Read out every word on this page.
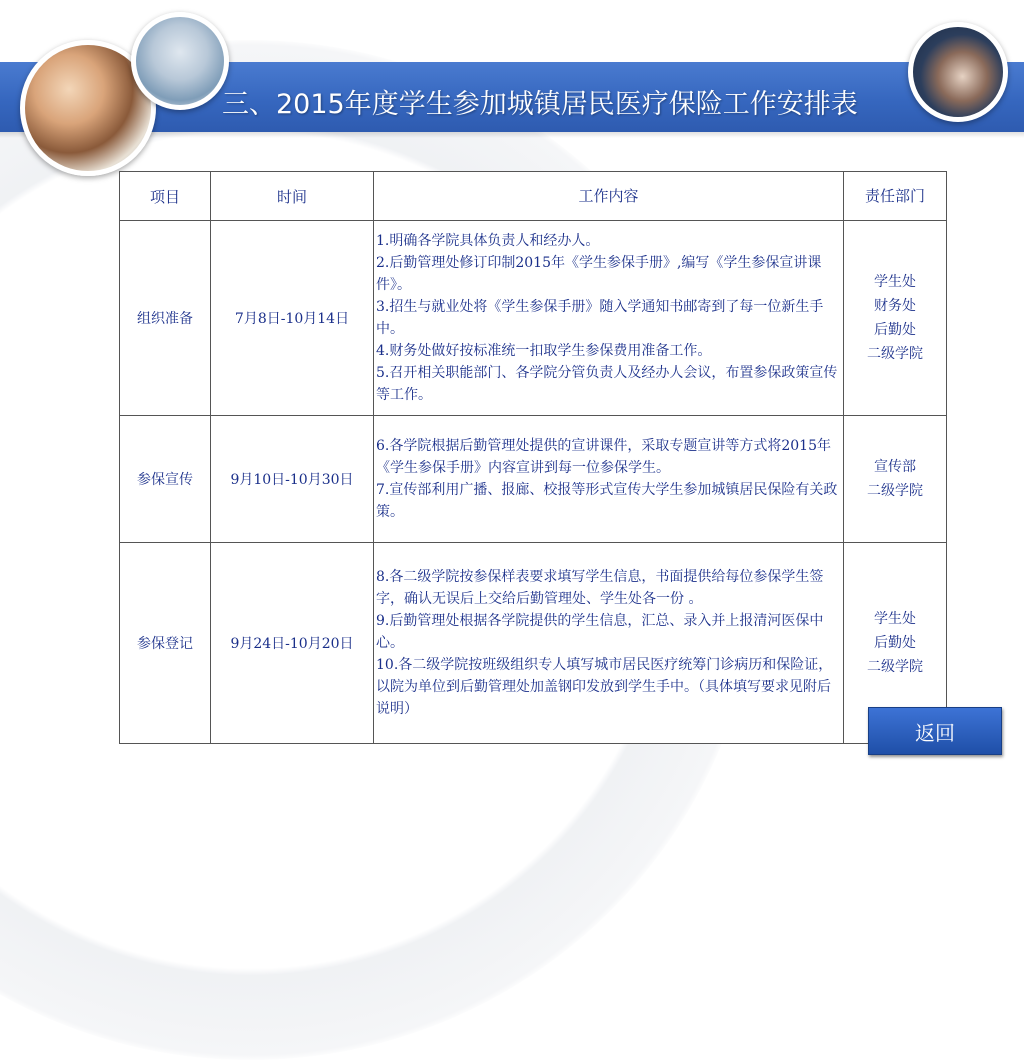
三、2015年度学生参加城镇居民医疗保险工作安排表
项目	时间	工作内容	责任部门
组织准备	7月8日-10月14日	1.明确各学院具体负责人和经办人。
2.后勤管理处修订印制2015年《学生参保手册》,编写《学生参保宣讲课件》。
3.招生与就业处将《学生参保手册》随入学通知书邮寄到了每一位新生手中。
4.财务处做好按标准统一扣取学生参保费用准备工作。
5.召开相关职能部门、各学院分管负责人及经办人会议，布置参保政策宣传等工作。	学生处
财务处
后勤处
二级学院

参保宣传	9月10日-10月30日	6.各学院根据后勤管理处提供的宣讲课件，采取专题宣讲等方式将2015年《学生参保手册》内容宣讲到每一位参保学生。
7.宣传部利用广播、报廊、校报等形式宣传大学生参加城镇居民保险有关政策。	宣传部
二级学院

参保登记	9月24日-10月20日	8.各二级学院按参保样表要求填写学生信息，书面提供给每位参保学生签字，确认无误后上交给后勤管理处、学生处各一份 。
9.后勤管理处根据各学院提供的学生信息，汇总、录入并上报清河医保中心。
10.各二级学院按班级组织专人填写城市居民医疗统筹门诊病历和保险证，以院为单位到后勤管理处加盖钢印发放到学生手中。（具体填写要求见附后说明）	学生处
后勤处
二级学院
返回
